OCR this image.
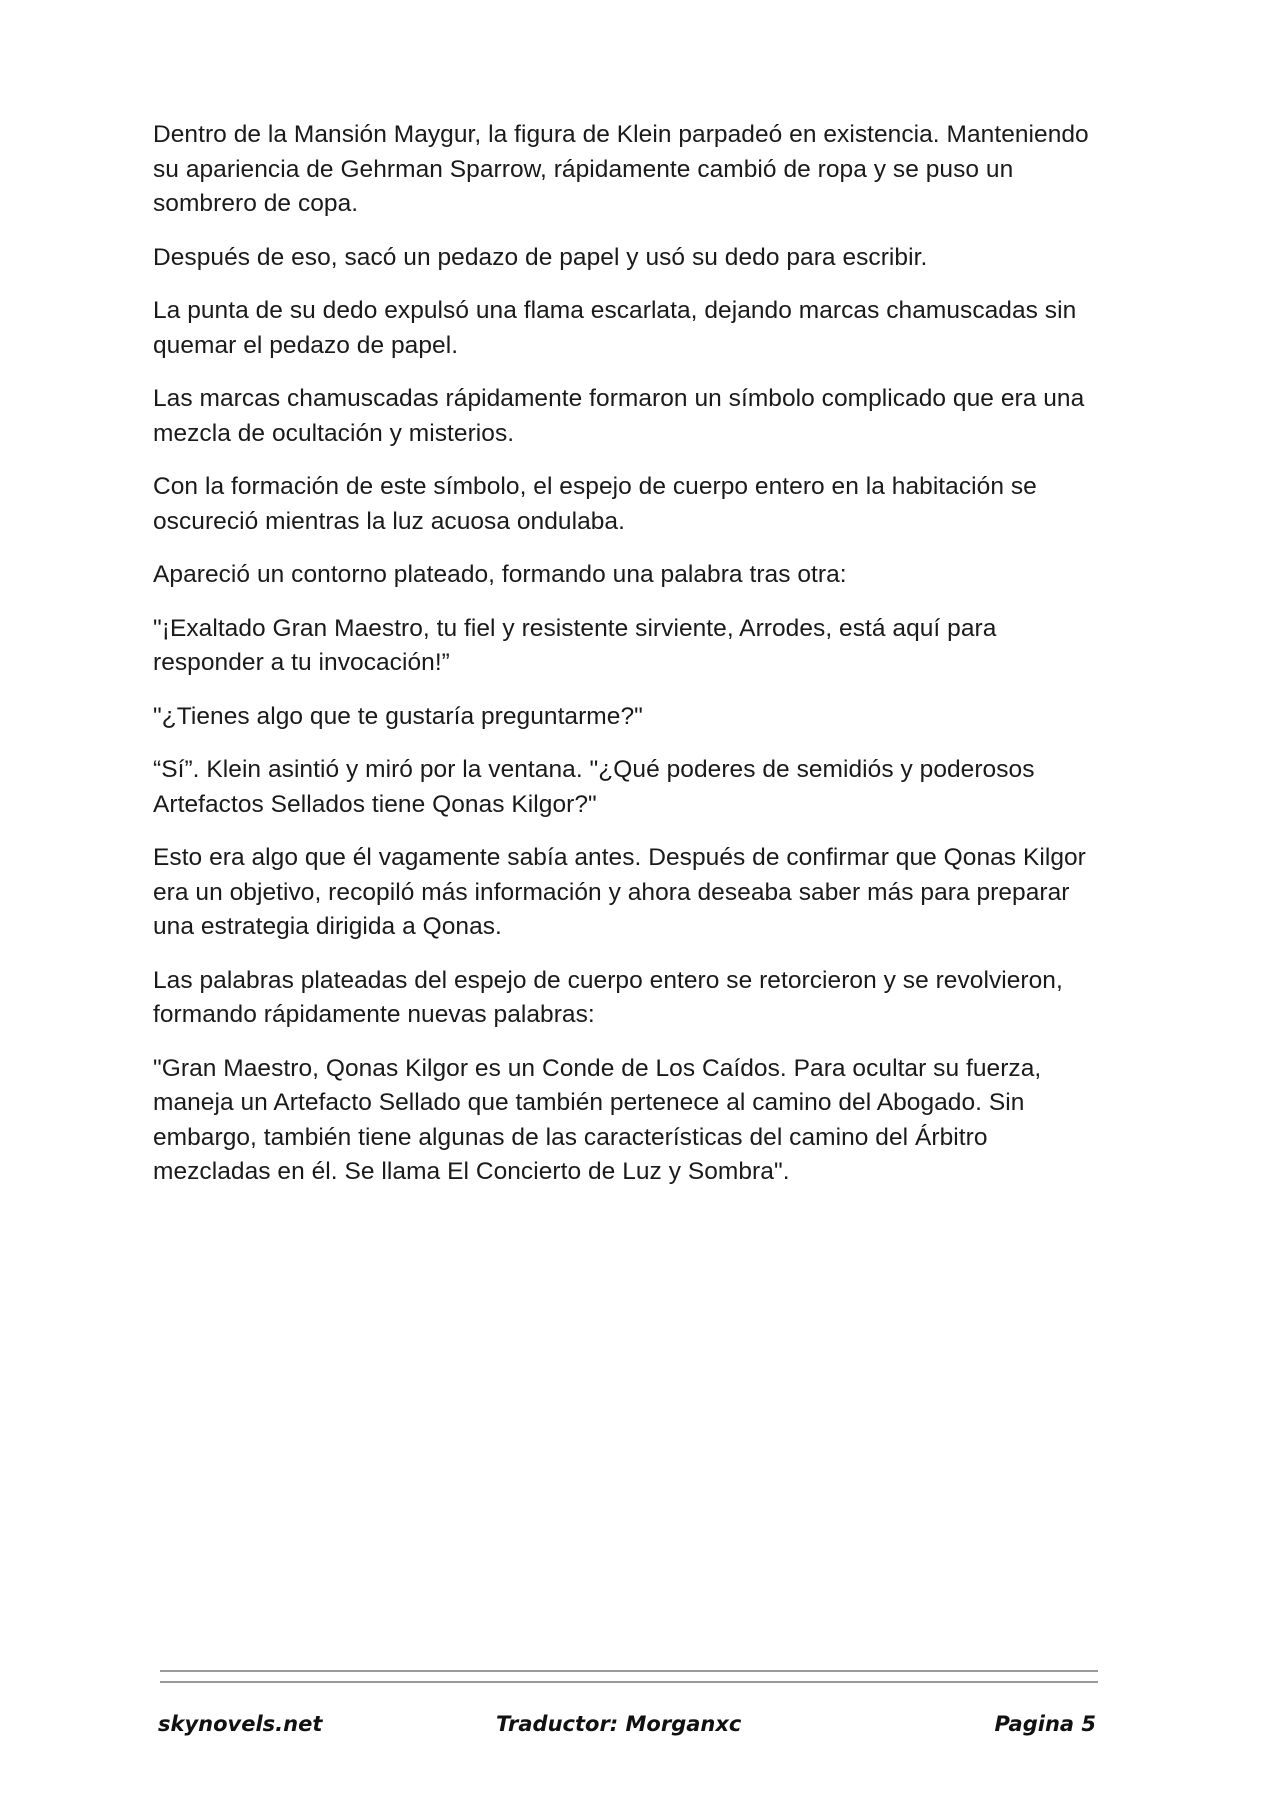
Dentro de la Mansión Maygur, la figura de Klein parpadeó en existencia. Manteniendo su apariencia de Gehrman Sparrow, rápidamente cambió de ropa y se puso un sombrero de copa.

Después de eso, sacó un pedazo de papel y usó su dedo para escribir.

La punta de su dedo expulsó una flama escarlata, dejando marcas chamuscadas sin quemar el pedazo de papel.

Las marcas chamuscadas rápidamente formaron un símbolo complicado que era una mezcla de ocultación y misterios.

Con la formación de este símbolo, el espejo de cuerpo entero en la habitación se oscureció mientras la luz acuosa ondulaba.

Apareció un contorno plateado, formando una palabra tras otra:

"¡Exaltado Gran Maestro, tu fiel y resistente sirviente, Arrodes, está aquí para responder a tu invocación!”

"¿Tienes algo que te gustaría preguntarme?"

“Sí”. Klein asintió y miró por la ventana. "¿Qué poderes de semidiós y poderosos Artefactos Sellados tiene Qonas Kilgor?"

Esto era algo que él vagamente sabía antes. Después de confirmar que Qonas Kilgor era un objetivo, recopiló más información y ahora deseaba saber más para preparar una estrategia dirigida a Qonas.

Las palabras plateadas del espejo de cuerpo entero se retorcieron y se revolvieron, formando rápidamente nuevas palabras:

"Gran Maestro, Qonas Kilgor es un Conde de Los Caídos. Para ocultar su fuerza, maneja un Artefacto Sellado que también pertenece al camino del Abogado. Sin embargo, también tiene algunas de las características del camino del Árbitro mezcladas en él. Se llama El Concierto de Luz y Sombra".

skynovels.net	Traductor: Morganxc	Pagina 5
